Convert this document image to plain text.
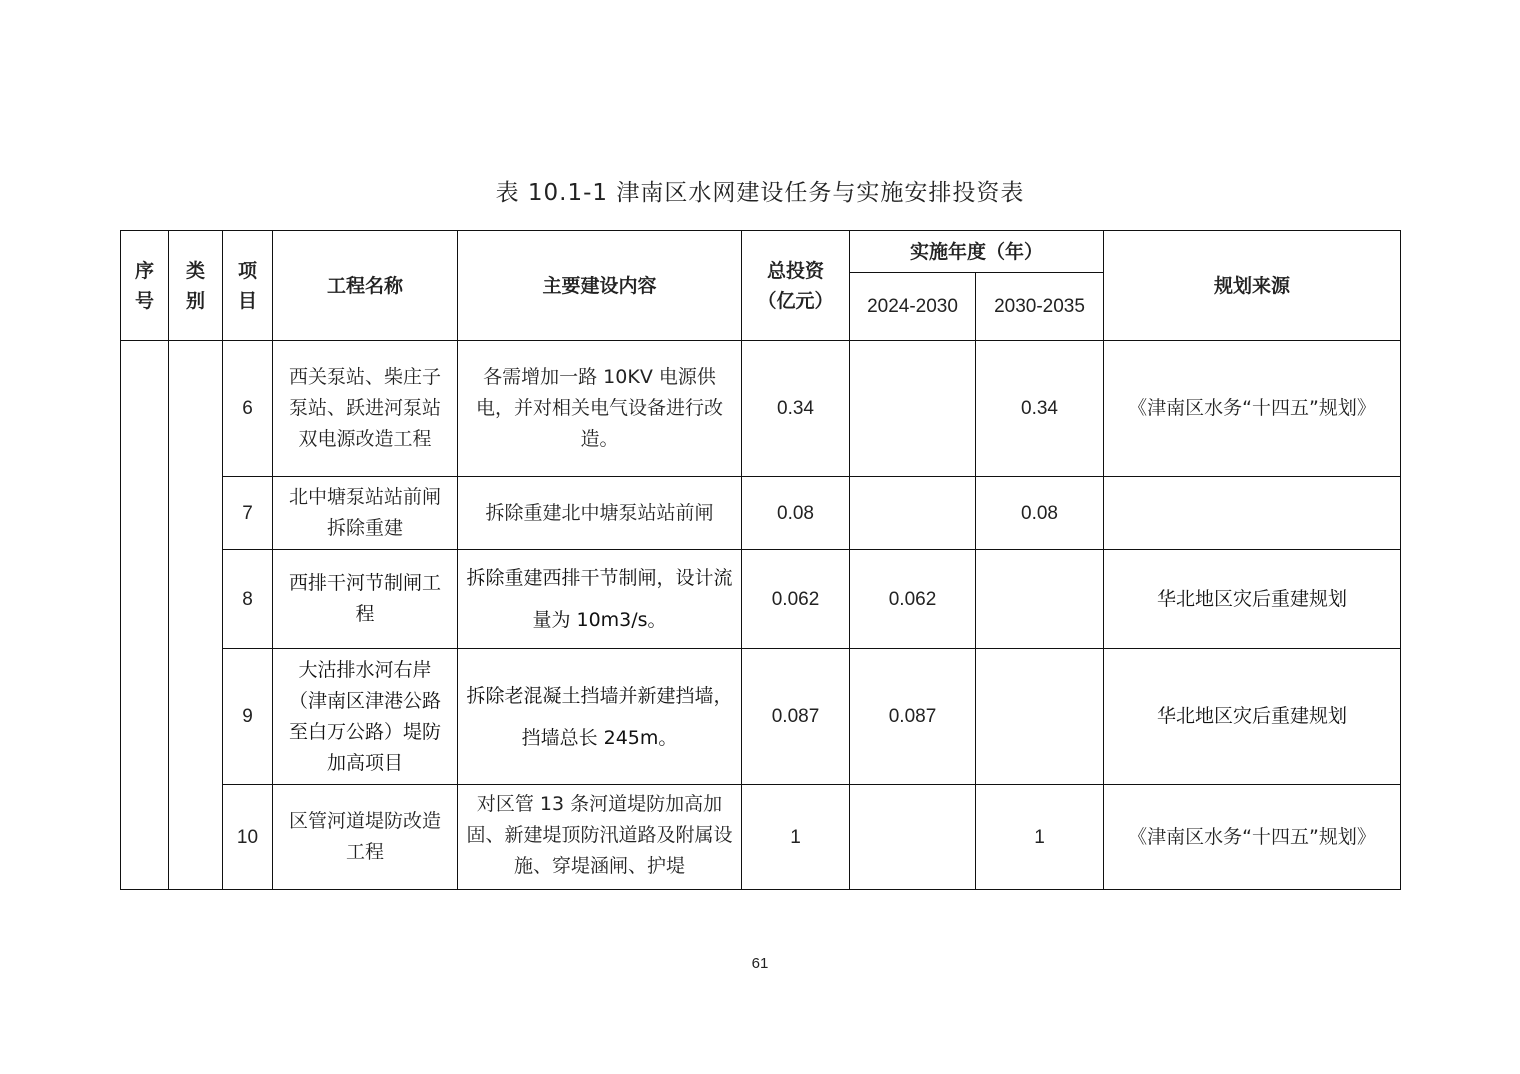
表 10.1-1 津南区水网建设任务与实施安排投资表
序号	类别	项目	工程名称	主要建设内容	总投资（亿元）	实施年度（年）		规划来源
						2024-2030	2030-2035	
		6	西关泵站、柴庄子泵站、跃进河泵站双电源改造工程	各需增加一路 10KV 电源供电，并对相关电气设备进行改造。	0.34		0.34	《津南区水务“十四五”规划》
		7	北中塘泵站站前闸拆除重建	拆除重建北中塘泵站站前闸	0.08		0.08	
		8	西排干河节制闸工程	拆除重建西排干节制闸，设计流量为 10m3/s。	0.062	0.062		华北地区灾后重建规划
		9	大沽排水河右岸（津南区津港公路至白万公路）堤防加高项目	拆除老混凝土挡墙并新建挡墙，挡墙总长 245m。	0.087	0.087		华北地区灾后重建规划
		10	区管河道堤防改造工程	对区管 13 条河道堤防加高加固、新建堤顶防汛道路及附属设施、穿堤涵闸、护堤	1		1	《津南区水务“十四五”规划》
61
